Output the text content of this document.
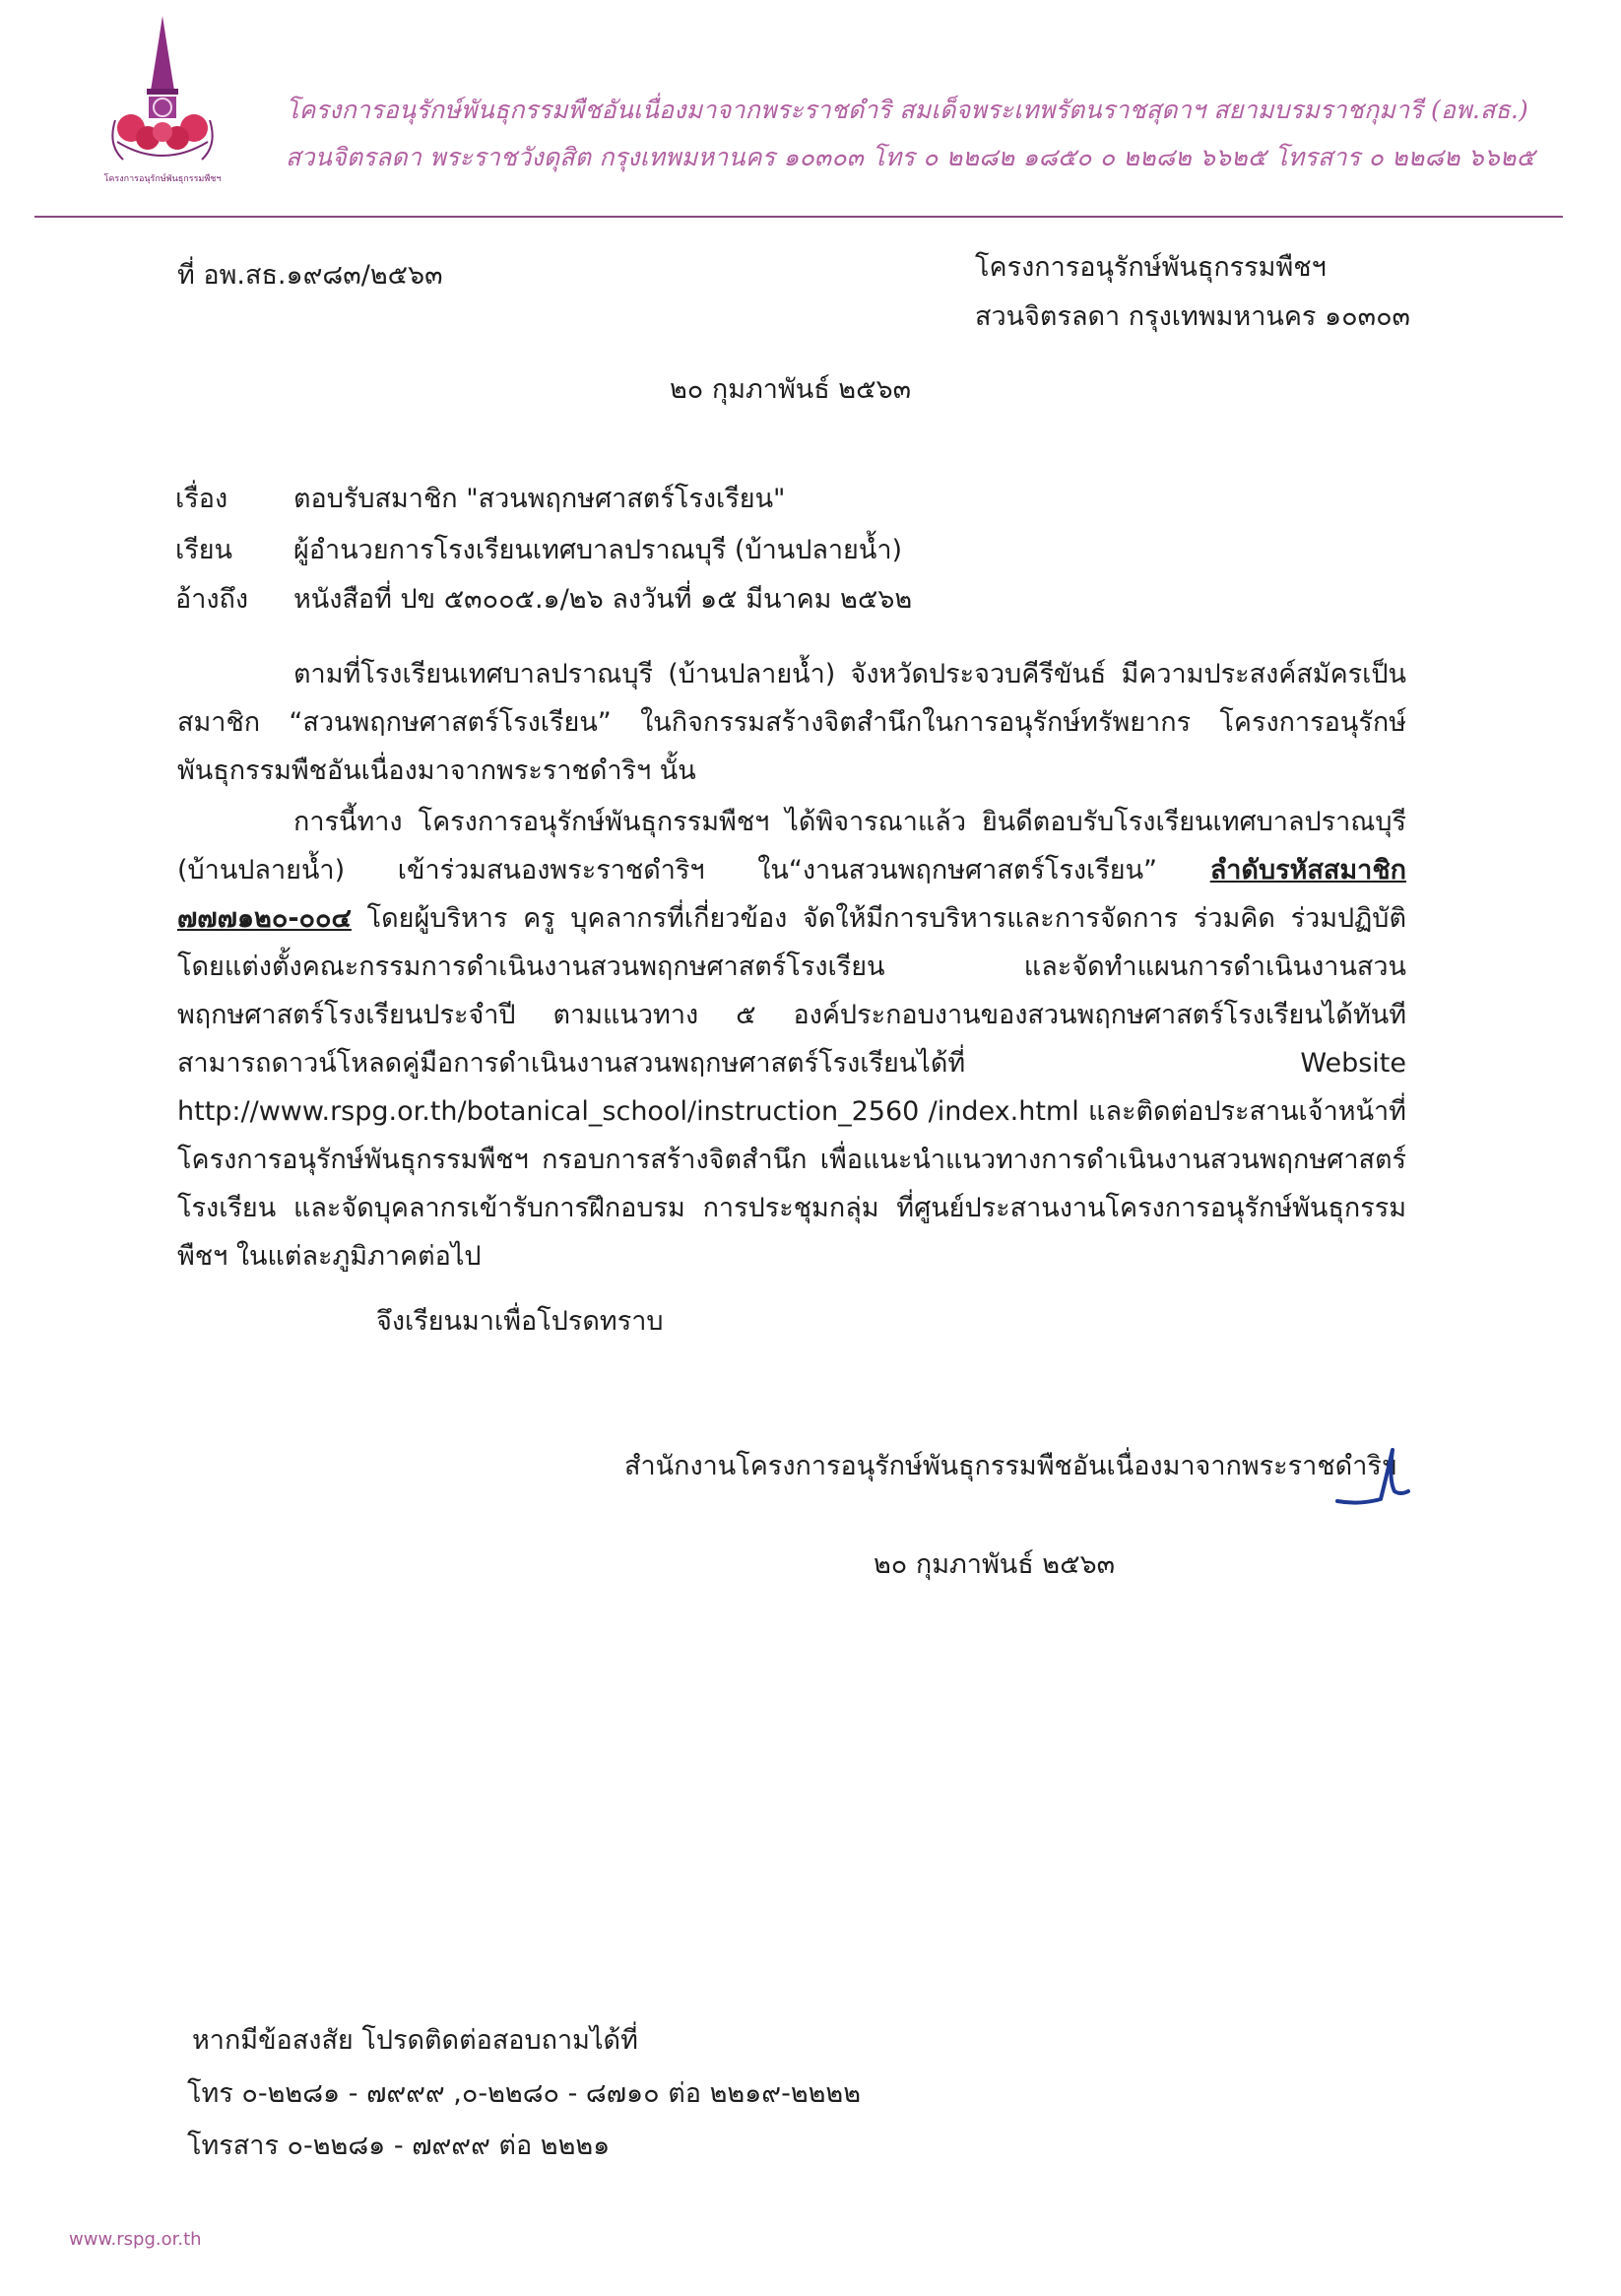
โครงการอนุรักษ์พันธุกรรมพืชฯ
โครงการอนุรักษ์พันธุกรรมพืชอันเนื่องมาจากพระราชดำริ สมเด็จพระเทพรัตนราชสุดาฯ สยามบรมราชกุมารี (อพ.สธ.)
สวนจิตรลดา พระราชวังดุสิต กรุงเทพมหานคร ๑๐๓๐๓ โทร ๐ ๒๒๘๒ ๑๘๕๐ ๐ ๒๒๘๒ ๖๖๒๕ โทรสาร ๐ ๒๒๘๒ ๖๖๒๕
ที่ อพ.สธ.๑๙๘๓/๒๕๖๓	โครงการอนุรักษ์พันธุกรรมพืชฯ
สวนจิตรลดา กรุงเทพมหานคร ๑๐๓๐๓
๒๐ กุมภาพันธ์ ๒๕๖๓
เรื่อง ตอบรับสมาชิก "สวนพฤกษศาสตร์โรงเรียน"
เรียน ผู้อำนวยการโรงเรียนเทศบาลปราณบุรี (บ้านปลายน้ำ)
อ้างถึง หนังสือที่ ปข ๕๓๐๐๕.๑/๒๖ ลงวันที่ ๑๕ มีนาคม ๒๕๖๒
ตามที่โรงเรียนเทศบาลปราณบุรี (บ้านปลายน้ำ) จังหวัดประจวบคีรีขันธ์ มีความประสงค์สมัครเป็นสมาชิก “สวนพฤกษศาสตร์โรงเรียน” ในกิจกรรมสร้างจิตสำนึกในการอนุรักษ์ทรัพยากร โครงการอนุรักษ์พันธุกรรมพืชอันเนื่องมาจากพระราชดำริฯ นั้น
การนี้ทาง โครงการอนุรักษ์พันธุกรรมพืชฯ ได้พิจารณาแล้ว ยินดีตอบรับโรงเรียนเทศบาลปราณบุรี (บ้านปลายน้ำ) เข้าร่วมสนองพระราชดำริฯ ใน“งานสวนพฤกษศาสตร์โรงเรียน” ลำดับรหัสสมาชิก ๗๗๗๑๒๐-๐๐๔ โดยผู้บริหาร ครู บุคลากรที่เกี่ยวข้อง จัดให้มีการบริหารและการจัดการ ร่วมคิด ร่วมปฏิบัติ โดยแต่งตั้งคณะกรรมการดำเนินงานสวนพฤกษศาสตร์โรงเรียน และจัดทำแผนการดำเนินงานสวนพฤกษศาสตร์โรงเรียนประจำปี ตามแนวทาง ๕ องค์ประกอบงานของสวนพฤกษศาสตร์โรงเรียนได้ทันที สามารถดาวน์โหลดคู่มือการดำเนินงานสวนพฤกษศาสตร์โรงเรียนได้ที่ Website http://www.rspg.or.th/botanical_school/instruction_2560 /index.html และติดต่อประสานเจ้าหน้าที่ โครงการอนุรักษ์พันธุกรรมพืชฯ กรอบการสร้างจิตสำนึก เพื่อแนะนำแนวทางการดำเนินงานสวนพฤกษศาสตร์โรงเรียน และจัดบุคลากรเข้ารับการฝึกอบรม การประชุมกลุ่ม ที่ศูนย์ประสานงานโครงการอนุรักษ์พันธุกรรมพืชฯ ในแต่ละภูมิภาคต่อไป
จึงเรียนมาเพื่อโปรดทราบ
สำนักงานโครงการอนุรักษ์พันธุกรรมพืชอันเนื่องมาจากพระราชดำริฯ
๒๐ กุมภาพันธ์ ๒๕๖๓
หากมีข้อสงสัย โปรดติดต่อสอบถามได้ที่
โทร ๐-๒๒๘๑ - ๗๙๙๙ ,๐-๒๒๘๐ - ๘๗๑๐ ต่อ ๒๒๑๙-๒๒๒๒
โทรสาร ๐-๒๒๘๑ - ๗๙๙๙ ต่อ ๒๒๒๑
www.rspg.or.th
